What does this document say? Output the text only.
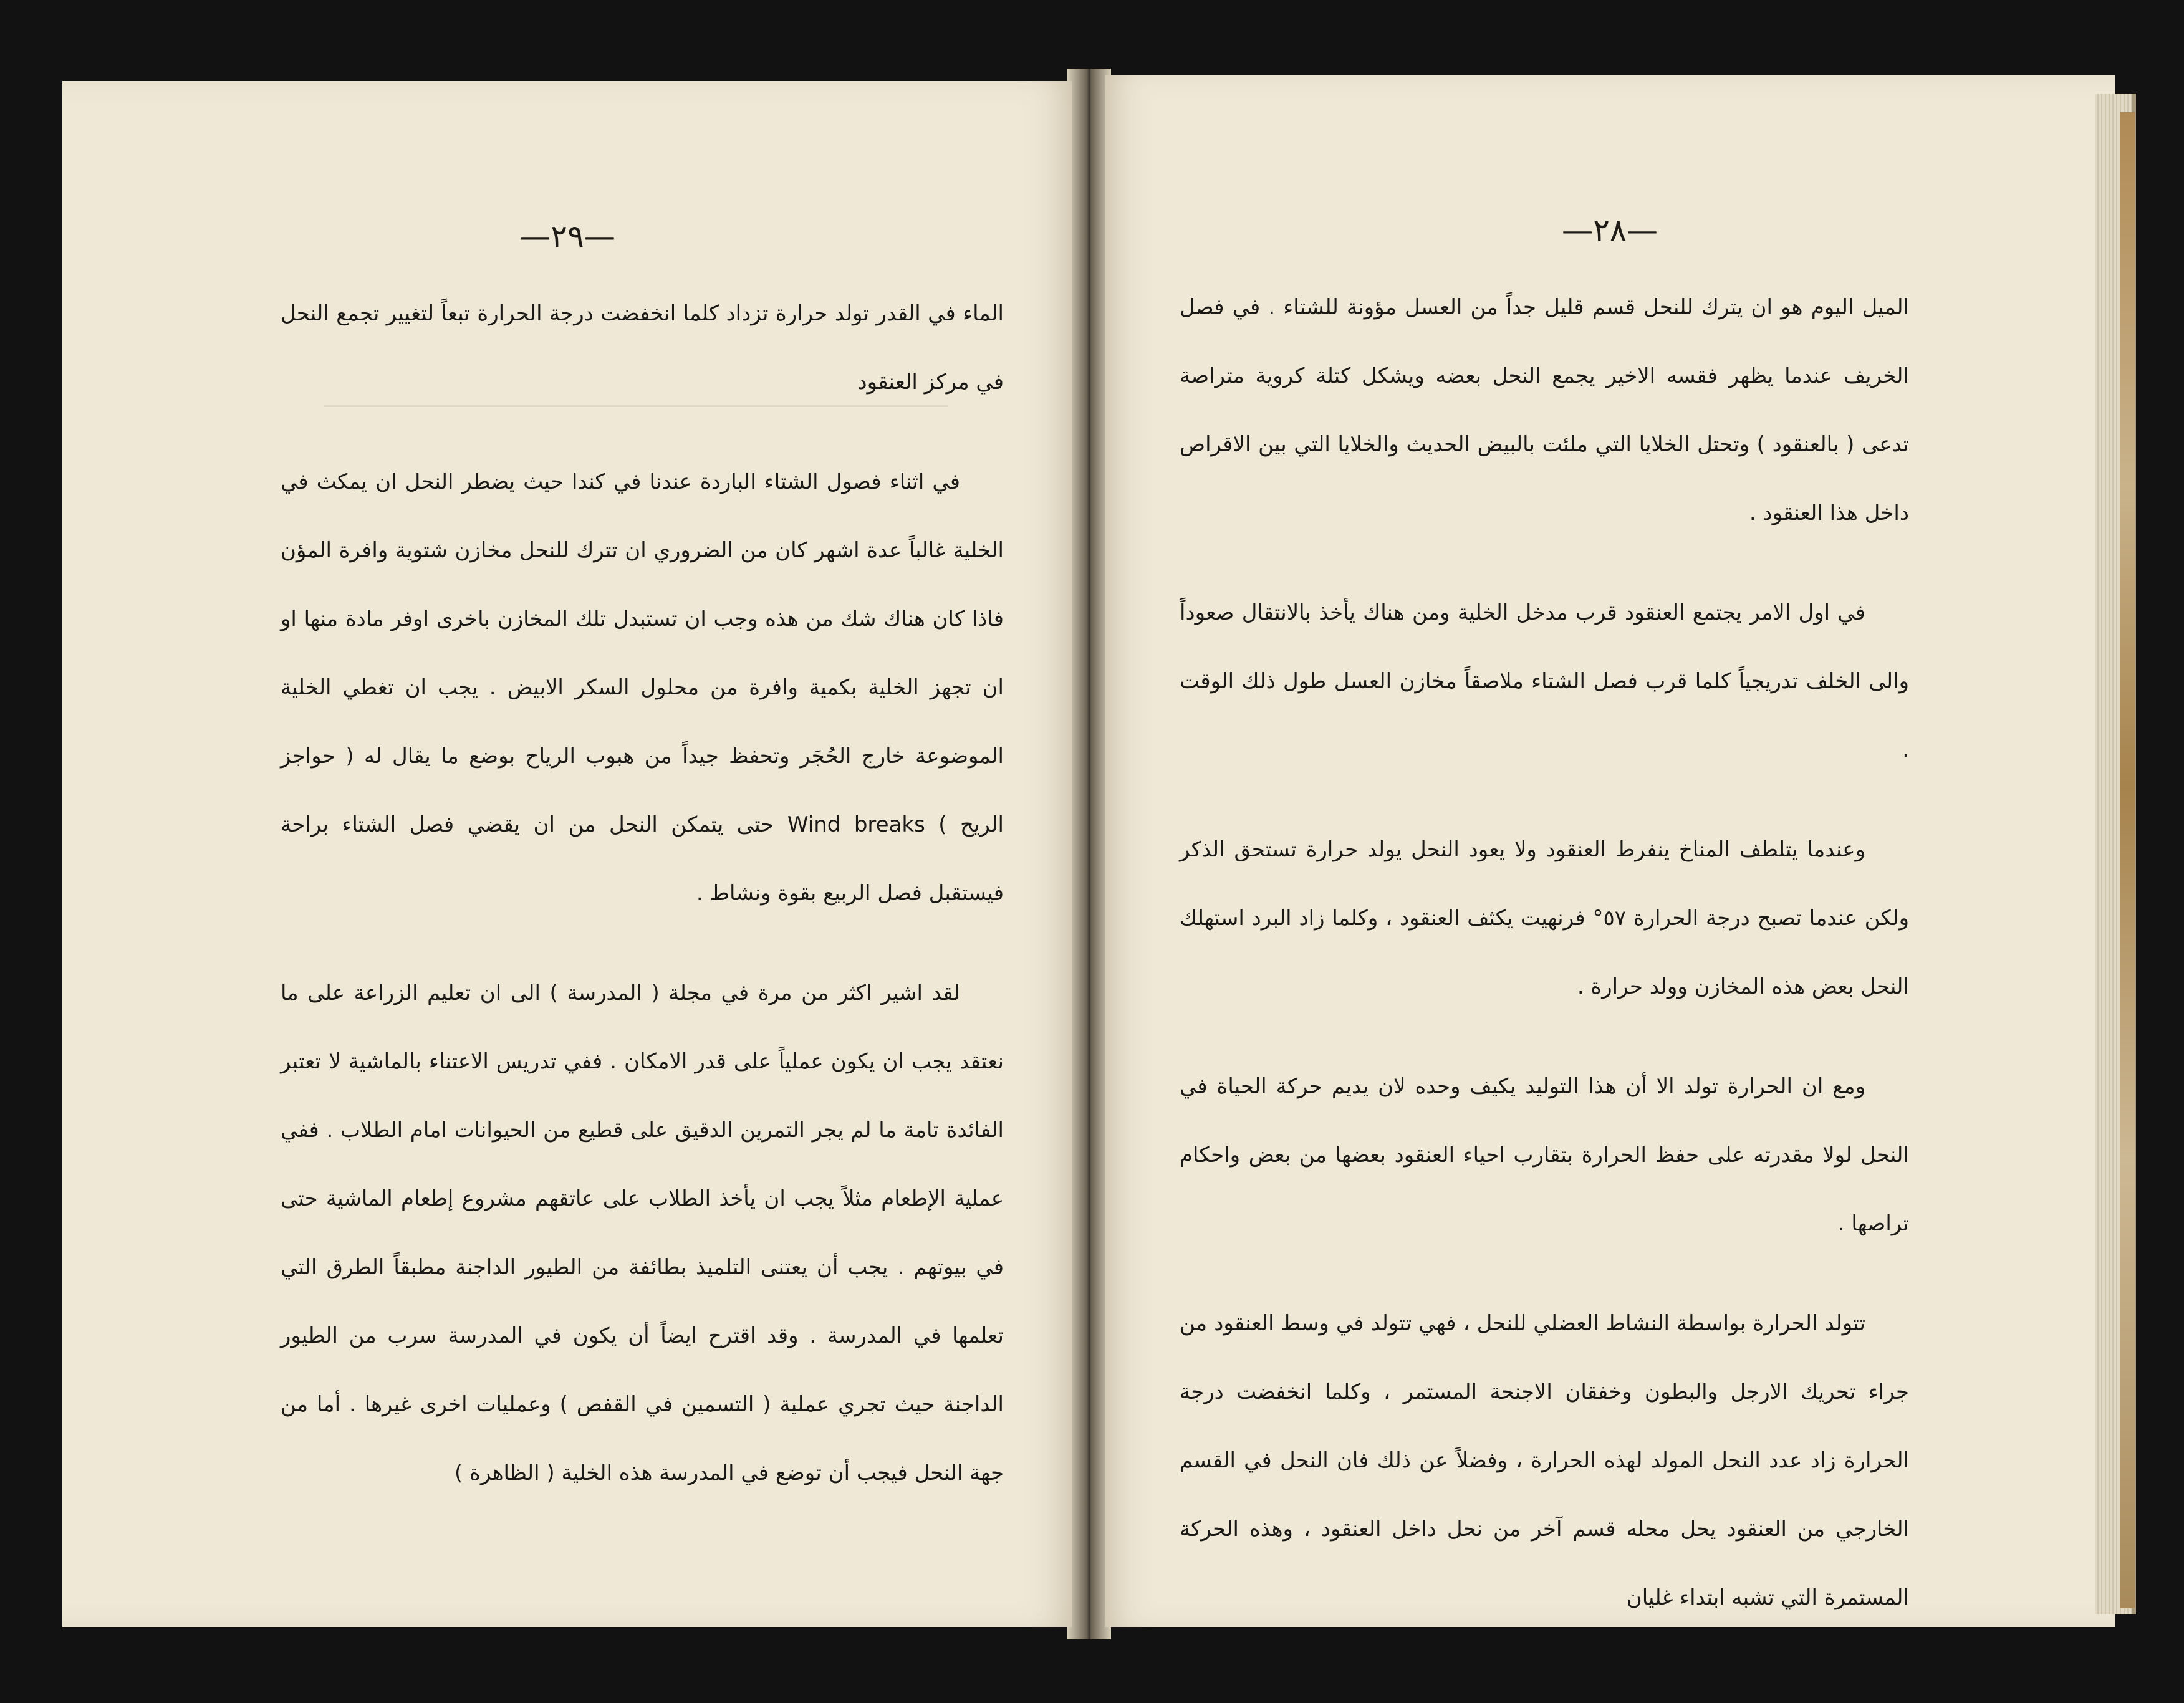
—٢٩—

الماء في القدر تولد حرارة تزداد كلما انخفضت درجة الحرارة تبعاً لتغيير تجمع النحل في مركز العنقود

في اثناء فصول الشتاء الباردة عندنا في كندا حيث يضطر النحل ان يمكث في الخلية غالباً عدة اشهر كان من الضروري ان تترك للنحل مخازن شتوية وافرة المؤن فاذا كان هناك شك من هذه وجب ان تستبدل تلك المخازن باخرى اوفر مادة منها او ان تجهز الخلية بكمية وافرة من محلول السكر الابيض . يجب ان تغطي الخلية الموضوعة خارج الحُجَر وتحفظ جيداً من هبوب الرياح بوضع ما يقال له ( حواجز الريح ) Wind breaks حتى يتمكن النحل من ان يقضي فصل الشتاء براحة فيستقبل فصل الربيع بقوة ونشاط .

لقد اشير اكثر من مرة في مجلة ( المدرسة ) الى ان تعليم الزراعة على ما نعتقد يجب ان يكون عملياً على قدر الامكان . ففي تدريس الاعتناء بالماشية لا تعتبر الفائدة تامة ما لم يجر التمرين الدقيق على قطيع من الحيوانات امام الطلاب . ففي عملية الإطعام مثلاً يجب ان يأخذ الطلاب على عاتقهم مشروع إطعام الماشية حتى في بيوتهم . يجب أن يعتنى التلميذ بطائفة من الطيور الداجنة مطبقاً الطرق التي تعلمها في المدرسة . وقد اقترح ايضاً أن يكون في المدرسة سرب من الطيور الداجنة حيث تجري عملية ( التسمين في القفص ) وعمليات اخرى غيرها . أما من جهة النحل فيجب أن توضع في المدرسة هذه الخلية ( الظاهرة )

—٢٨—

الميل اليوم هو ان يترك للنحل قسم قليل جداً من العسل مؤونة للشتاء . في فصل الخريف عندما يظهر فقسه الاخير يجمع النحل بعضه ويشكل كتلة كروية متراصة تدعى ( بالعنقود ) وتحتل الخلايا التي ملئت بالبيض الحديث والخلايا التي بين الاقراص داخل هذا العنقود .

في اول الامر يجتمع العنقود قرب مدخل الخلية ومن هناك يأخذ بالانتقال صعوداً والى الخلف تدريجياً كلما قرب فصل الشتاء ملاصقاً مخازن العسل طول ذلك الوقت .

وعندما يتلطف المناخ ينفرط العنقود ولا يعود النحل يولد حرارة تستحق الذكر ولكن عندما تصبح درجة الحرارة ٥٧° فرنهيت يكثف العنقود ، وكلما زاد البرد استهلك النحل بعض هذه المخازن وولد حرارة .

ومع ان الحرارة تولد الا أن هذا التوليد يكيف وحده لان يديم حركة الحياة في النحل لولا مقدرته على حفظ الحرارة بتقارب احياء العنقود بعضها من بعض واحكام تراصها .

تتولد الحرارة بواسطة النشاط العضلي للنحل ، فهي تتولد في وسط العنقود من جراء تحريك الارجل والبطون وخفقان الاجنحة المستمر ، وكلما انخفضت درجة الحرارة زاد عدد النحل المولد لهذه الحرارة ، وفضلاً عن ذلك فان النحل في القسم الخارجي من العنقود يحل محله قسم آخر من نحل داخل العنقود ، وهذه الحركة المستمرة التي تشبه ابتداء غليان
